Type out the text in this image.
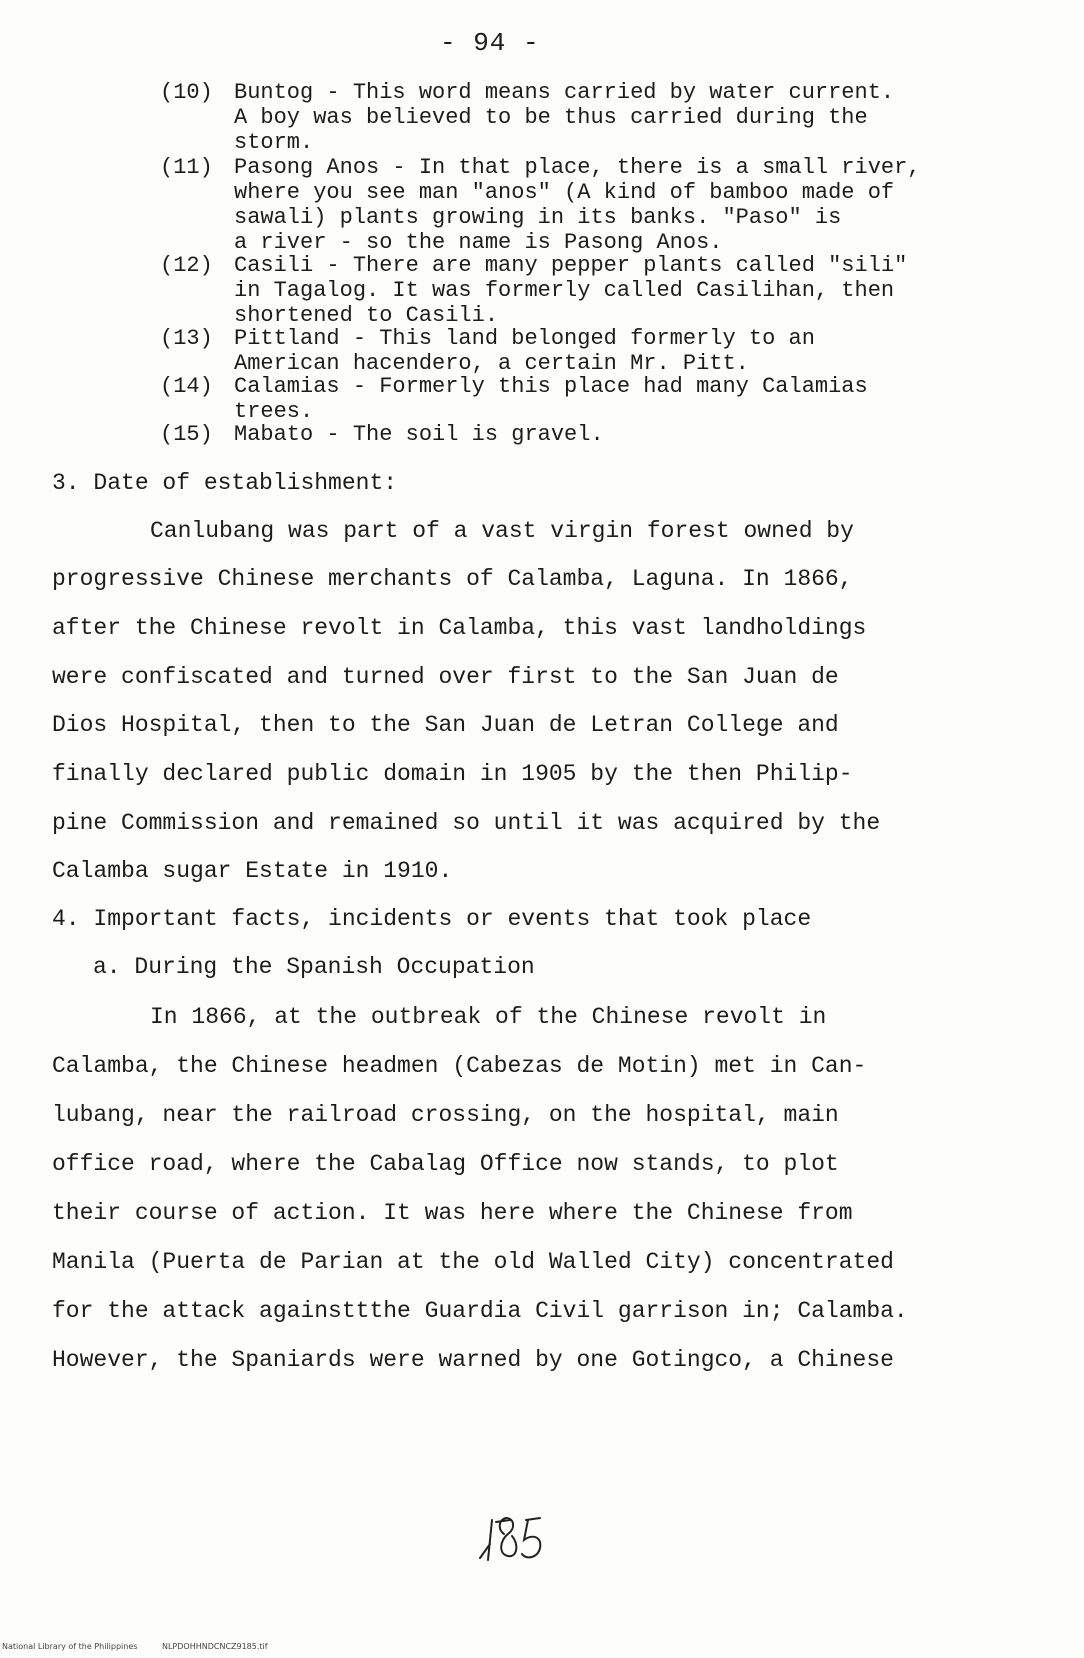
- 94 -
(10) Buntog - This word means carried by water current.
A boy was believed to be thus carried during the
storm.
(11) Pasong Anos - In that place, there is a small river,
where you see man "anos" (A kind of bamboo made of
sawali) plants growing in its banks. "Paso" is
a river - so the name is Pasong Anos.
(12) Casili - There are many pepper plants called "sili"
in Tagalog. It was formerly called Casilihan, then
shortened to Casili.
(13) Pittland - This land belonged formerly to an
American hacendero, a certain Mr. Pitt.
(14) Calamias - Formerly this place had many Calamias
trees.
(15) Mabato - The soil is gravel.
3. Date of establishment:
Canlubang was part of a vast virgin forest owned by
progressive Chinese merchants of Calamba, Laguna. In 1866,
after the Chinese revolt in Calamba, this vast landholdings
were confiscated and turned over first to the San Juan de
Dios Hospital, then to the San Juan de Letran College and
finally declared public domain in 1905 by the then Philip-
pine Commission and remained so until it was acquired by the
Calamba sugar Estate in 1910.
4. Important facts, incidents or events that took place
a. During the Spanish Occupation
In 1866, at the outbreak of the Chinese revolt in
Calamba, the Chinese headmen (Cabezas de Motin) met in Can-
lubang, near the railroad crossing, on the hospital, main
office road, where the Cabalag Office now stands, to plot
their course of action. It was here where the Chinese from
Manila (Puerta de Parian at the old Walled City) concentrated
for the attack againsttthe Guardia Civil garrison in; Calamba.
However, the Spaniards were warned by one Gotingco, a Chinese
National Library of the Philippines	NLPDOHHNDCNCZ9185.tif
